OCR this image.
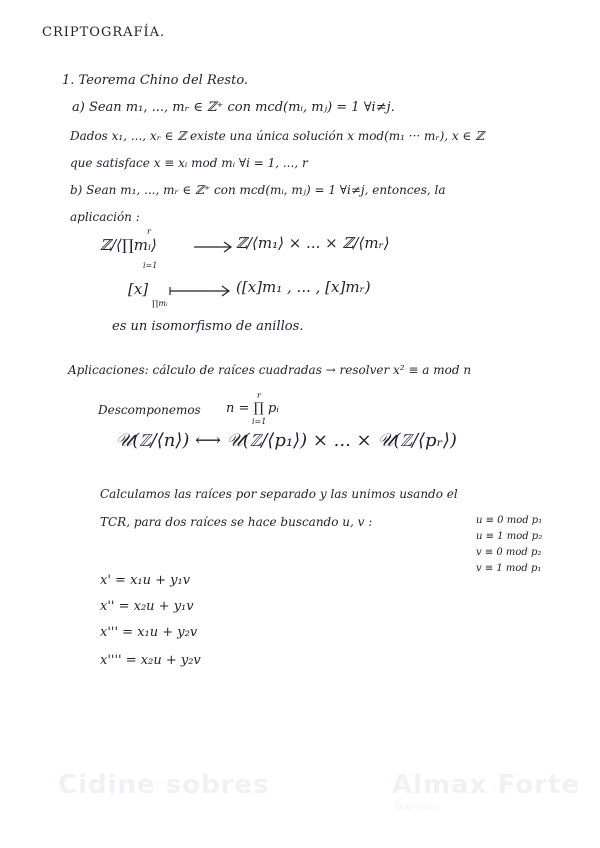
CRIPTOGRAFÍA.
1. Teorema Chino del Resto.
a) Sean m₁, ..., mᵣ ∈ ℤ⁺ con mcd(mᵢ, mⱼ) = 1 ∀i≠j.
Dados x₁, ..., xᵣ ∈ ℤ existe una única solución x mod(m₁ ··· mᵣ), x ∈ ℤ
que satisface x ≡ xᵢ mod mᵢ ∀i = 1, ..., r
b) Sean m₁, ..., mᵣ ∈ ℤ⁺ con mcd(mᵢ, mⱼ) = 1 ∀i≠j, entonces, la
aplicación :
ℤ/⟨∏mᵢ⟩
r
i=1
ℤ/⟨m₁⟩ × ... × ℤ/⟨mᵣ⟩
[x]
∏mᵢ
([x]m₁ , ... , [x]mᵣ)
es un isomorfismo de anillos.
Aplicaciones: cálculo de raíces cuadradas → resolver x² ≡ a mod n
Descomponemos n = ∏ pᵢ
r
i=1
𝒰(ℤ/⟨n⟩) ⟷ 𝒰(ℤ/⟨p₁⟩) × ... × 𝒰(ℤ/⟨pᵣ⟩)
Calculamos las raíces por separado y las unimos usando el
TCR, para dos raíces se hace buscando u, v :	u ≡ 0 mod p₁
u ≡ 1 mod p₂
v ≡ 0 mod p₂
v ≡ 1 mod p₁
x' = x₁u + y₁v
x'' = x₂u + y₁v
x''' = x₁u + y₂v
x'''' = x₂u + y₂v
Cidine sobres	Almax Forte
Ibuprofeno
